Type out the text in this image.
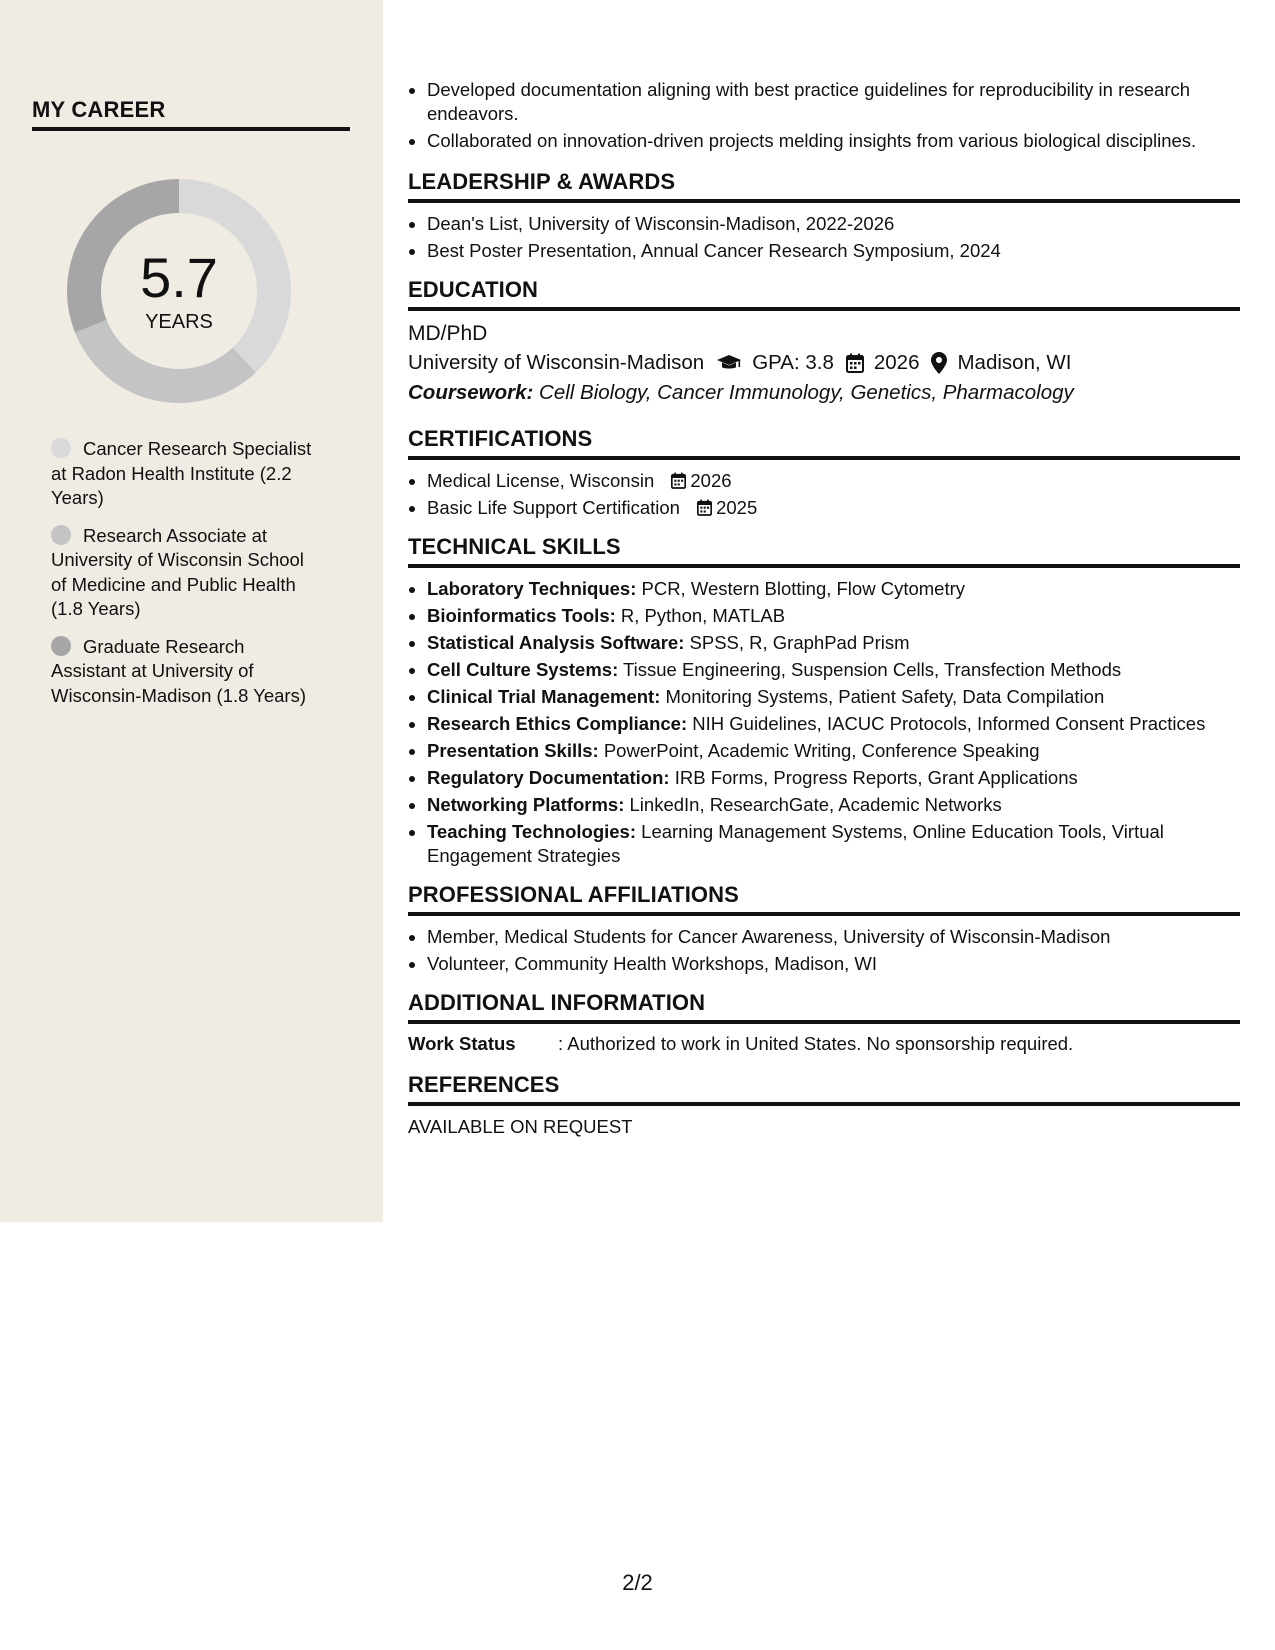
MY CAREER
5.7
YEARS
Cancer Research Specialist at Radon Health Institute (2.2 Years)
Research Associate at University of Wisconsin School of Medicine and Public Health (1.8 Years)
Graduate Research Assistant at University of Wisconsin-Madison (1.8 Years)
• Developed documentation aligning with best practice guidelines for reproducibility in research endeavors.
• Collaborated on innovation-driven projects melding insights from various biological disciplines.
LEADERSHIP & AWARDS
• Dean's List, University of Wisconsin-Madison, 2022-2026
• Best Poster Presentation, Annual Cancer Research Symposium, 2024
EDUCATION
MD/PhD
University of Wisconsin-Madison GPA: 3.8 2026 Madison, WI
Coursework: Cell Biology, Cancer Immunology, Genetics, Pharmacology
CERTIFICATIONS
• Medical License, Wisconsin 2026
• Basic Life Support Certification 2025
TECHNICAL SKILLS
• Laboratory Techniques: PCR, Western Blotting, Flow Cytometry
• Bioinformatics Tools: R, Python, MATLAB
• Statistical Analysis Software: SPSS, R, GraphPad Prism
• Cell Culture Systems: Tissue Engineering, Suspension Cells, Transfection Methods
• Clinical Trial Management: Monitoring Systems, Patient Safety, Data Compilation
• Research Ethics Compliance: NIH Guidelines, IACUC Protocols, Informed Consent Practices
• Presentation Skills: PowerPoint, Academic Writing, Conference Speaking
• Regulatory Documentation: IRB Forms, Progress Reports, Grant Applications
• Networking Platforms: LinkedIn, ResearchGate, Academic Networks
• Teaching Technologies: Learning Management Systems, Online Education Tools, Virtual Engagement Strategies
PROFESSIONAL AFFILIATIONS
• Member, Medical Students for Cancer Awareness, University of Wisconsin-Madison
• Volunteer, Community Health Workshops, Madison, WI
ADDITIONAL INFORMATION
Work Status	: Authorized to work in United States. No sponsorship required.
REFERENCES
AVAILABLE ON REQUEST
2/2
